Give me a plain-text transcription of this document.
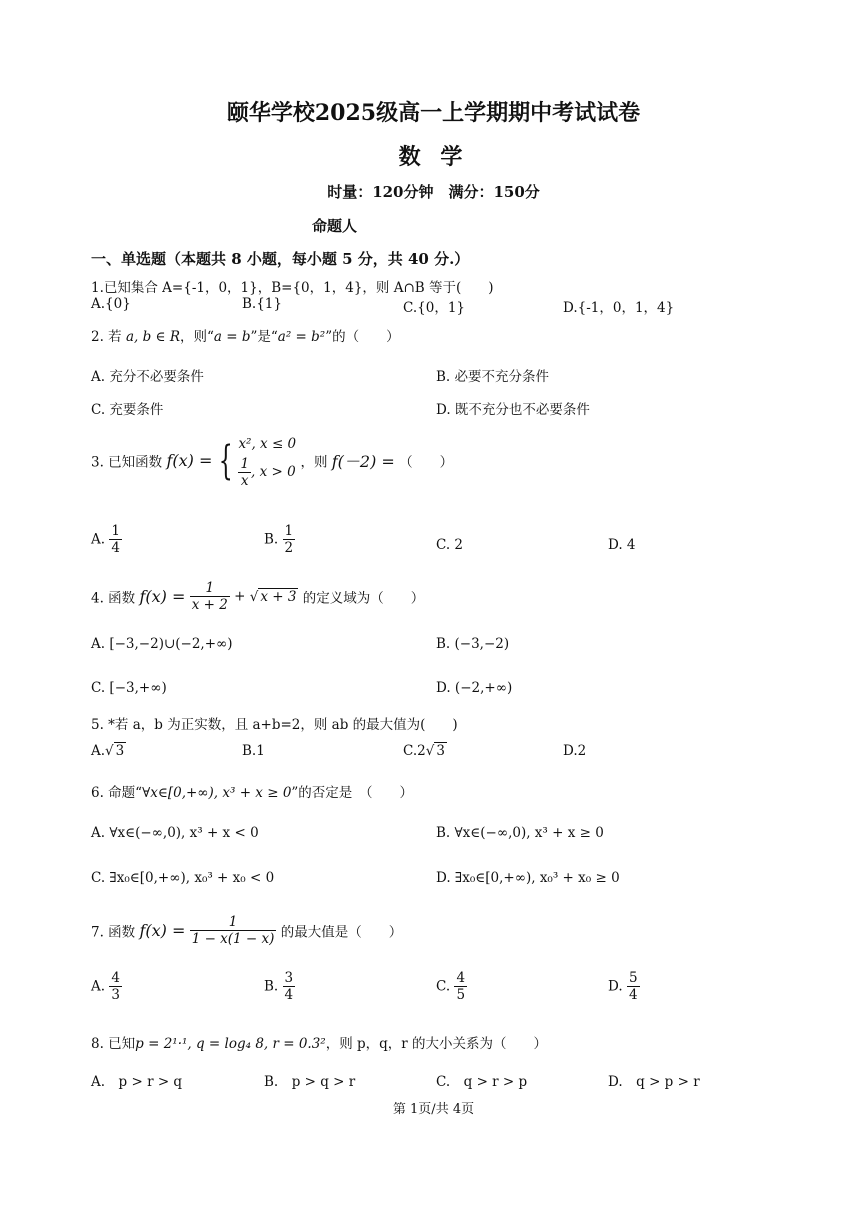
颐华学校2025级高一上学期期中考试试卷
数 学
时量：120分钟　满分：150分
命题人
一、单选题（本题共 8 小题，每小题 5 分，共 40 分.）
1.已知集合 A={-1，0，1}，B={0，1，4}，则 A∩B 等于(　　)
A.{0}	B.{1}	C.{0，1}	D.{-1，0，1，4}
2. 若 a, b ∈ R，则“a = b”是“a² = b²”的（　　）
A. 充分不必要条件	B. 必要不充分条件
C. 充要条件	D. 既不充分也不必要条件
3. 已知函数 f(x) = { x², x ≤ 0
$\frac{1}{x}$ , x > 0
，则 f(－2) = （　　）
A. $\frac{1}{4}$	B. $\frac{1}{2}$	C. 2	D. 4
4. 函数 $f(x) = \frac{1}{x + 2}$ + √ x + 3 的定义域为（　　）
A. [−3,−2)∪(−2,+∞)	B. (−3,−2)
C. [−3,+∞)	D. (−2,+∞)
5. *若 a，b 为正实数，且 a+b=2，则 ab 的最大值为(　　)
A.√ 3	B.1	C.2√ 3	D.2
6. 命题“∀x∈[0,+∞), x³ + x ≥ 0”的否定是　（　　）
A. ∀x∈(−∞,0), x³ + x < 0	B. ∀x∈(−∞,0), x³ + x ≥ 0
C. ∃x₀∈[0,+∞), x₀³ + x₀ < 0	D. ∃x₀∈[0,+∞), x₀³ + x₀ ≥ 0
7. 函数 $f(x) = \frac{1}{1 - x(1 - x)}$ 的最大值是（　　）
A. $\frac{4}{3}$	B. $\frac{3}{4}$	C. $\frac{4}{5}$	D. $\frac{5}{4}$
8. 已知p = 2¹·¹, q = log₄ 8, r = 0.3²，则 p，q，r 的大小关系为（　　）
A.　p > r > q	B.　p > q > r	C.　q > r > p	D.　q > p > r
第 1页/共 4页
